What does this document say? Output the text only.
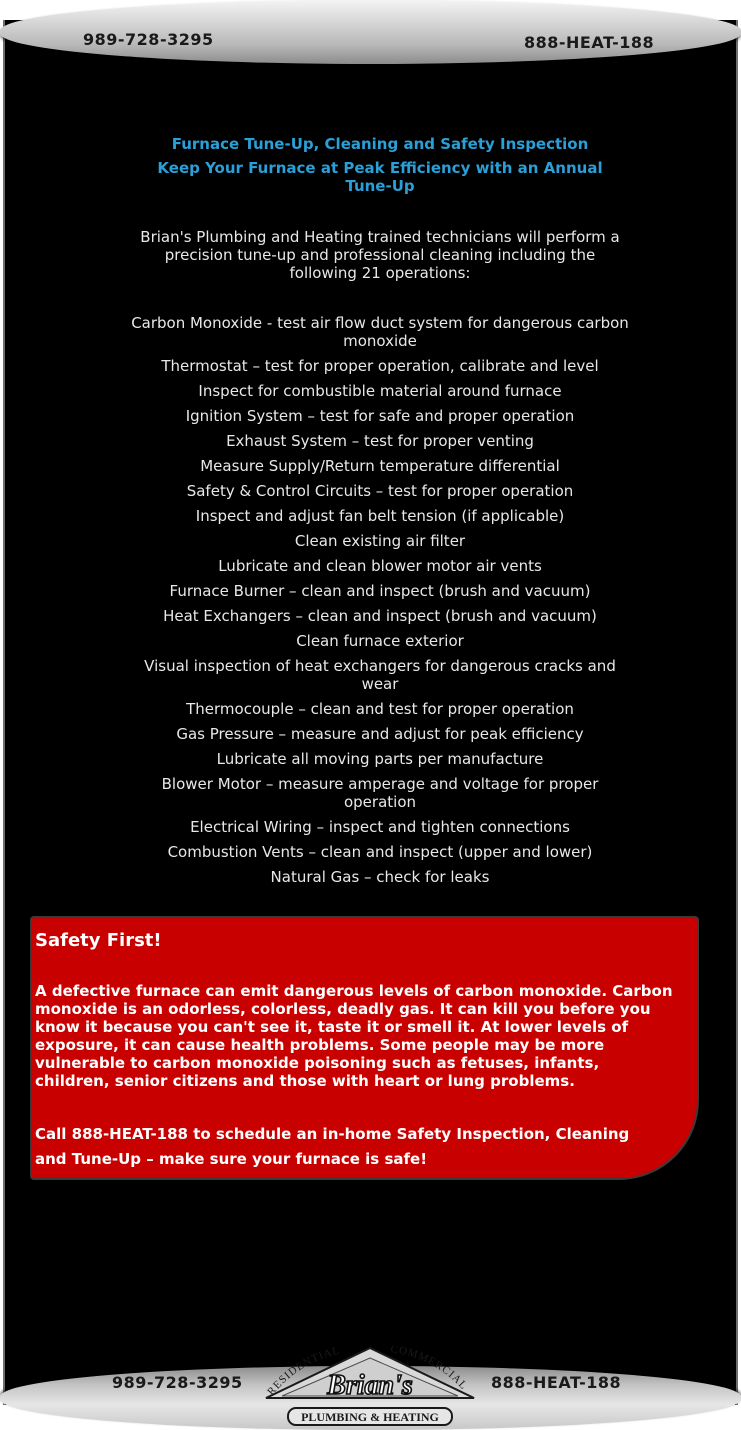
989-728-3295	888-HEAT-188
Furnace Tune-Up, Cleaning and Safety Inspection
Keep Your Furnace at Peak Efficiency with an Annual Tune-Up
Brian's Plumbing and Heating trained technicians will perform a precision tune-up and professional cleaning including the following 21 operations:
Carbon Monoxide - test air flow duct system for dangerous carbon monoxide
Thermostat – test for proper operation, calibrate and level
Inspect for combustible material around furnace
Ignition System – test for safe and proper operation
Exhaust System – test for proper venting
Measure Supply/Return temperature differential
Safety & Control Circuits – test for proper operation
Inspect and adjust fan belt tension (if applicable)
Clean existing air filter
Lubricate and clean blower motor air vents
Furnace Burner – clean and inspect (brush and vacuum)
Heat Exchangers – clean and inspect (brush and vacuum)
Clean furnace exterior
Visual inspection of heat exchangers for dangerous cracks and wear
Thermocouple – clean and test for proper operation
Gas Pressure – measure and adjust for peak efficiency
Lubricate all moving parts per manufacture
Blower Motor – measure amperage and voltage for proper operation
Electrical Wiring – inspect and tighten connections
Combustion Vents – clean and inspect (upper and lower)
Natural Gas – check for leaks
Safety First!
A defective furnace can emit dangerous levels of carbon monoxide. Carbon monoxide is an odorless, colorless, deadly gas. It can kill you before you know it because you can't see it, taste it or smell it. At lower levels of exposure, it can cause health problems. Some people may be more vulnerable to carbon monoxide poisoning such as fetuses, infants, children, senior citizens and those with heart or lung problems.
Call 888-HEAT-188 to schedule an in-home Safety Inspection, Cleaning and Tune-Up – make sure your furnace is safe!
989-728-3295	888-HEAT-188
RESIDENTIAL	COMMERCIAL
Brian's
PLUMBING & HEATING
